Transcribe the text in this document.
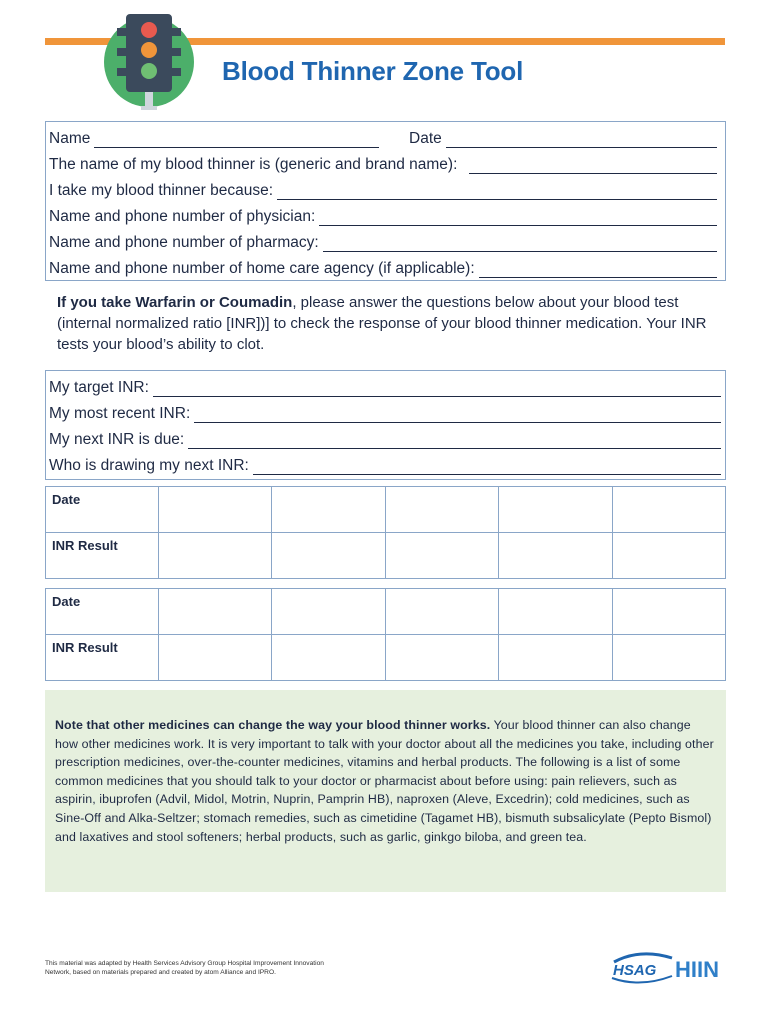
Blood Thinner Zone Tool
Name	Date
The name of my blood thinner is (generic and brand name):
I take my blood thinner because:
Name and phone number of physician:
Name and phone number of pharmacy:
Name and phone number of home care agency (if applicable):
If you take Warfarin or Coumadin, please answer the questions below about your blood test (internal normalized ratio [INR])] to check the response of your blood thinner medication. Your INR tests your blood’s ability to clot.
My target INR:
My most recent INR:
My next INR is due:
Who is drawing my next INR:
Date					
INR Result					
Date					
INR Result					
Note that other medicines can change the way your blood thinner works. Your blood thinner can also change how other medicines work. It is very important to talk with your doctor about all the medicines you take, including other prescription medicines, over-the-counter medicines, vitamins and herbal products. The following is a list of some common medicines that you should talk to your doctor or pharmacist about before using: pain relievers, such as aspirin, ibuprofen (Advil, Midol, Motrin, Nuprin, Pamprin HB), naproxen (Aleve, Excedrin); cold medicines, such as Sine-Off and Alka-Seltzer; stomach remedies, such as cimetidine (Tagamet HB), bismuth subsalicylate (Pepto Bismol) and laxatives and stool softeners; herbal products, such as garlic, ginkgo biloba, and green tea.
This material was adapted by Health Services Advisory Group Hospital Improvement Innovation Network, based on materials prepared and created by atom Alliance and IPRO.	HSAG HIIN
